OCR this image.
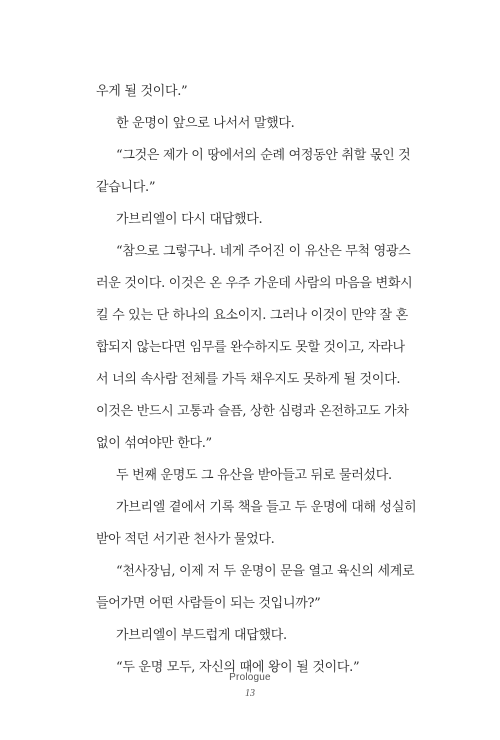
우게 될 것이다.”
한 운명이 앞으로 나서서 말했다.
“그것은 제가 이 땅에서의 순례 여정동안 취할 몫인 것
같습니다.”
가브리엘이 다시 대답했다.
“참으로 그렇구나. 네게 주어진 이 유산은 무척 영광스
러운 것이다. 이것은 온 우주 가운데 사람의 마음을 변화시
킬 수 있는 단 하나의 요소이지. 그러나 이것이 만약 잘 혼
합되지 않는다면 임무를 완수하지도 못할 것이고, 자라나
서 너의 속사람 전체를 가득 채우지도 못하게 될 것이다.
이것은 반드시 고통과 슬픔, 상한 심령과 온전하고도 가차
없이 섞여야만 한다.”
두 번째 운명도 그 유산을 받아들고 뒤로 물러섰다.
가브리엘 곁에서 기록 책을 들고 두 운명에 대해 성실히
받아 적던 서기관 천사가 물었다.
“천사장님, 이제 저 두 운명이 문을 열고 육신의 세계로
들어가면 어떤 사람들이 되는 것입니까?”
가브리엘이 부드럽게 대답했다.
“두 운명 모두, 자신의 때에 왕이 될 것이다.”
Prologue
13
